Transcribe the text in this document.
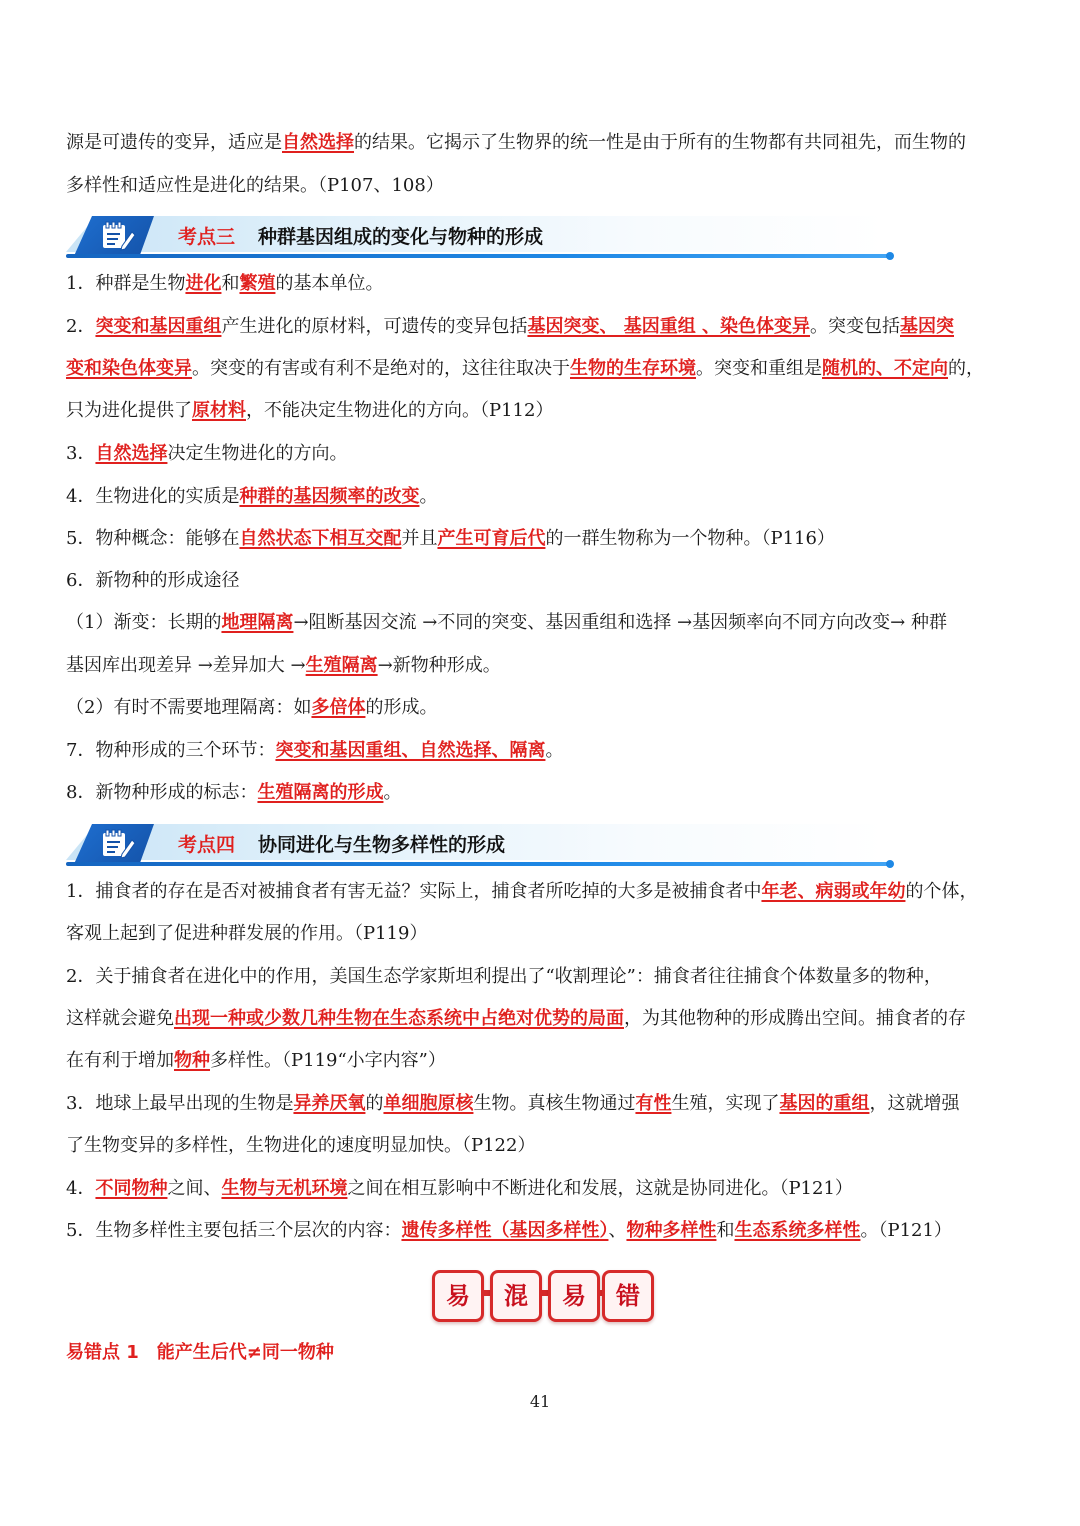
源是可遗传的变异，适应是自然选择的结果。它揭示了生物界的统一性是由于所有的生物都有共同祖先，而生物的
多样性和适应性是进化的结果。（P107、108）
考点三 种群基因组成的变化与物种的形成
1．种群是生物进化和繁殖的基本单位。
2．突变和基因重组产生进化的原材料，可遗传的变异包括基因突变、 基因重组 、染色体变异。突变包括基因突
变和染色体变异。突变的有害或有利不是绝对的，这往往取决于生物的生存环境。突变和重组是随机的、不定向的，
只为进化提供了原材料，不能决定生物进化的方向。（P112）
3．自然选择决定生物进化的方向。
4．生物进化的实质是种群的基因频率的改变。
5．物种概念：能够在自然状态下相互交配并且产生可育后代的一群生物称为一个物种。（P116）
6．新物种的形成途径
（1）渐变：长期的地理隔离→阻断基因交流 →不同的突变、基因重组和选择 →基因频率向不同方向改变→ 种群
基因库出现差异 →差异加大 →生殖隔离→新物种形成。
（2）有时不需要地理隔离：如多倍体的形成。
7．物种形成的三个环节：突变和基因重组、自然选择、隔离。
8．新物种形成的标志：生殖隔离的形成。
考点四 协同进化与生物多样性的形成
1．捕食者的存在是否对被捕食者有害无益？实际上，捕食者所吃掉的大多是被捕食者中年老、病弱或年幼的个体，
客观上起到了促进种群发展的作用。（P119）
2．关于捕食者在进化中的作用，美国生态学家斯坦利提出了“收割理论”：捕食者往往捕食个体数量多的物种，
这样就会避免出现一种或少数几种生物在生态系统中占绝对优势的局面，为其他物种的形成腾出空间。捕食者的存
在有利于增加物种多样性。（P119“小字内容”）
3．地球上最早出现的生物是异养厌氧的单细胞原核生物。真核生物通过有性生殖，实现了基因的重组，这就增强
了生物变异的多样性，生物进化的速度明显加快。（P122）
4．不同物种之间、生物与无机环境之间在相互影响中不断进化和发展，这就是协同进化。（P121）
5．生物多样性主要包括三个层次的内容：遗传多样性（基因多样性）、物种多样性和生态系统多样性。（P121）
易	混	易	错
易错点 1　能产生后代≠同一物种
41
